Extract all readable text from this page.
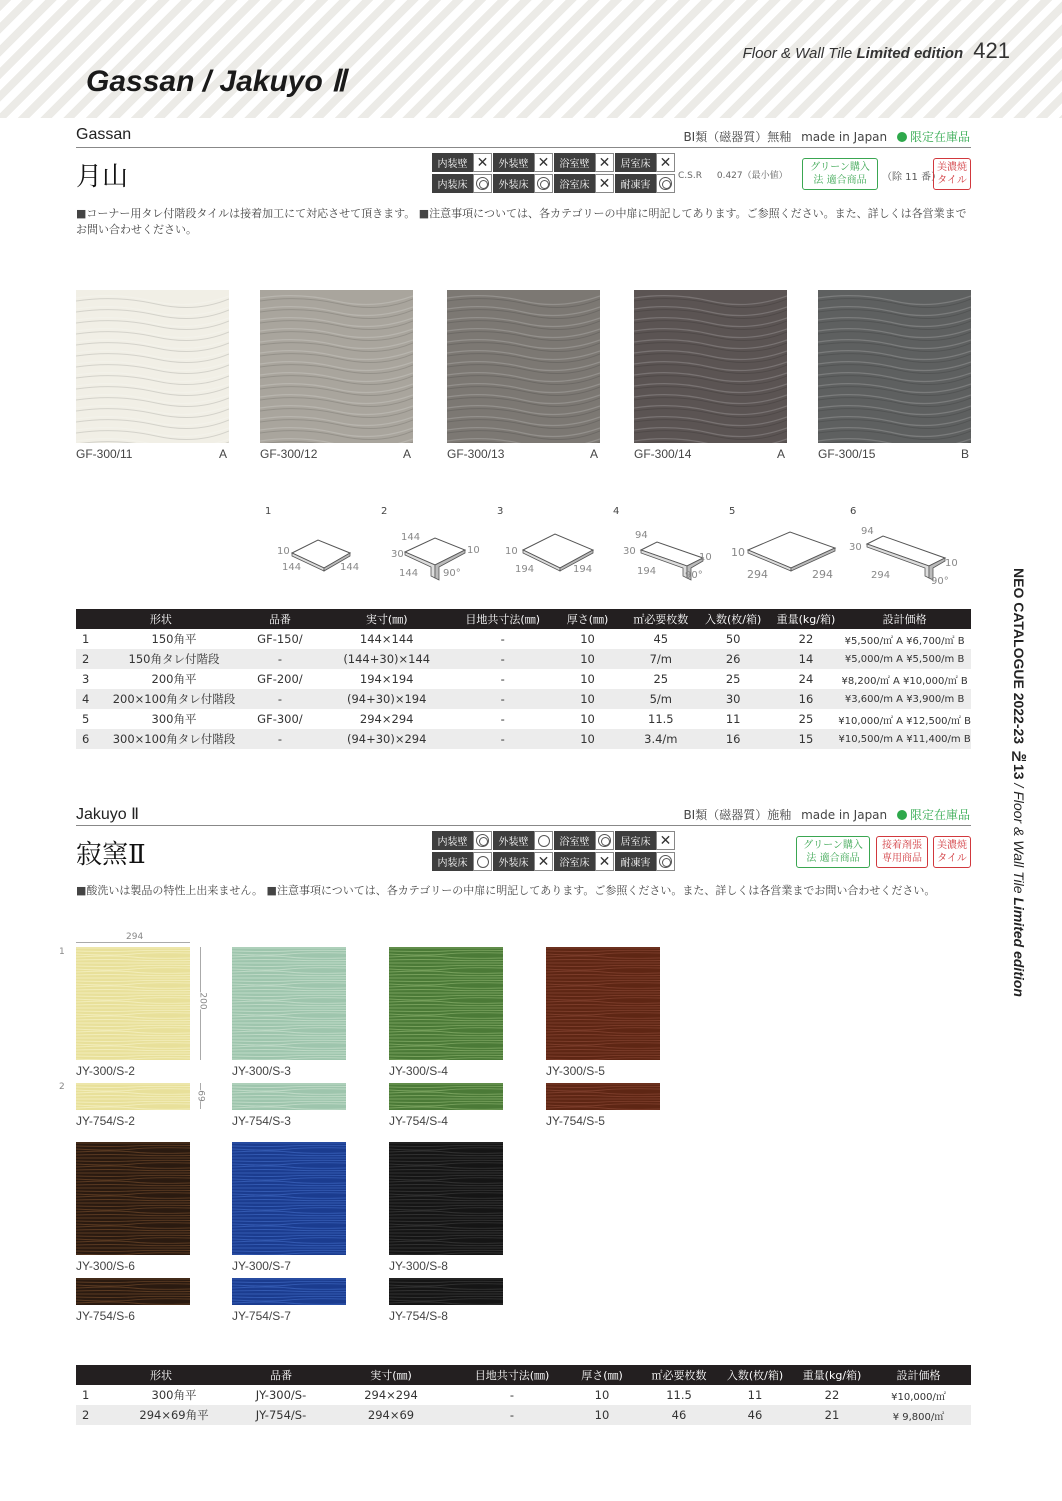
Floor & Wall Tile Limited edition 421
Gassan / Jakuyo Ⅱ
NEO CATALOGUE 2022-23 №13 / Floor & Wall Tile Limited edition
Gassan	BⅠ類（磁器質）無釉 made in Japan 限定在庫品
月山	内装壁 ✕	外装壁 ✕	浴室壁 ✕	居室床 ✕
内装床	外装床	浴室床 ✕	耐凍害
C.S.R 0.427（最小値）
グリーン購入法 適合商品	（除 11 番）
美濃焼 タイル
■コーナー用タレ付階段タイルは接着加工にて対応させて頂きます。 ■注意事項については、各カテゴリーの中扉に明記してあります。ご参照ください。また、詳しくは各営業までお問い合わせください。
GF-300/11	A	GF-300/12	A	GF-300/13	A	GF-300/14	A	GF-300/15	B
1
10
144	144
2
144
30	10
144 90°
3
10
194	194
4
94
30
10
194	90°
5
10
294	294
6
94
30
10
294
90°
形状	品番	実寸(㎜)	目地共寸法(㎜)	厚さ(㎜)	㎡必要枚数	入数(枚/箱)	重量(kg/箱)	設計価格
1 150角平	GF-150/	144×144	-	10	45	50	22	¥5,500/㎡ A ¥6,700/㎡ B
2 150角タレ付階段	-	(144+30)×144	-	10	7/m	26	14	¥5,000/m A ¥5,500/m B
3 200角平	GF-200/	194×194	-	10	25	25	24	¥8,200/㎡ A ¥10,000/㎡ B
4 200×100角タレ付階段	-	(94+30)×194	-	10	5/m	30	16	¥3,600/m A ¥3,900/m B
5 300角平	GF-300/	294×294	-	10	11.5	11	25	¥10,000/㎡ A ¥12,500/㎡ B
6 300×100角タレ付階段	-	(94+30)×294	-	10	3.4/m	16	15	¥10,500/m A ¥11,400/m B
Jakuyo Ⅱ	BⅠ類（磁器質）施釉 made in Japan 限定在庫品
寂窯Ⅱ	内装壁	外装壁	浴室壁	居室床 ✕
内装床	外装床 ✕	浴室床 ✕	耐凍害
グリーン購入法 適合商品
接着剤張 専用商品
美濃焼 タイル
■酸洗いは製品の特性上出来ません。 ■注意事項については、各カテゴリーの中扉に明記してあります。ご参照ください。また、詳しくは各営業までお問い合わせください。
1
2
294
200
69
JY-300/S-2
JY-754/S-2
JY-300/S-3
JY-754/S-3
JY-300/S-4
JY-754/S-4
JY-300/S-5
JY-754/S-5
JY-300/S-6
JY-754/S-6
JY-300/S-7
JY-754/S-7
JY-300/S-8
JY-754/S-8
形状	品番	実寸(㎜)	目地共寸法(㎜)	厚さ(㎜)	㎡必要枚数	入数(枚/箱)	重量(kg/箱)	設計価格
1 300角平	JY-300/S-	294×294	-	10	11.5	11	22	¥10,000/㎡
2 294×69角平	JY-754/S-	294×69	-	10	46	46	21	¥ 9,800/㎡
